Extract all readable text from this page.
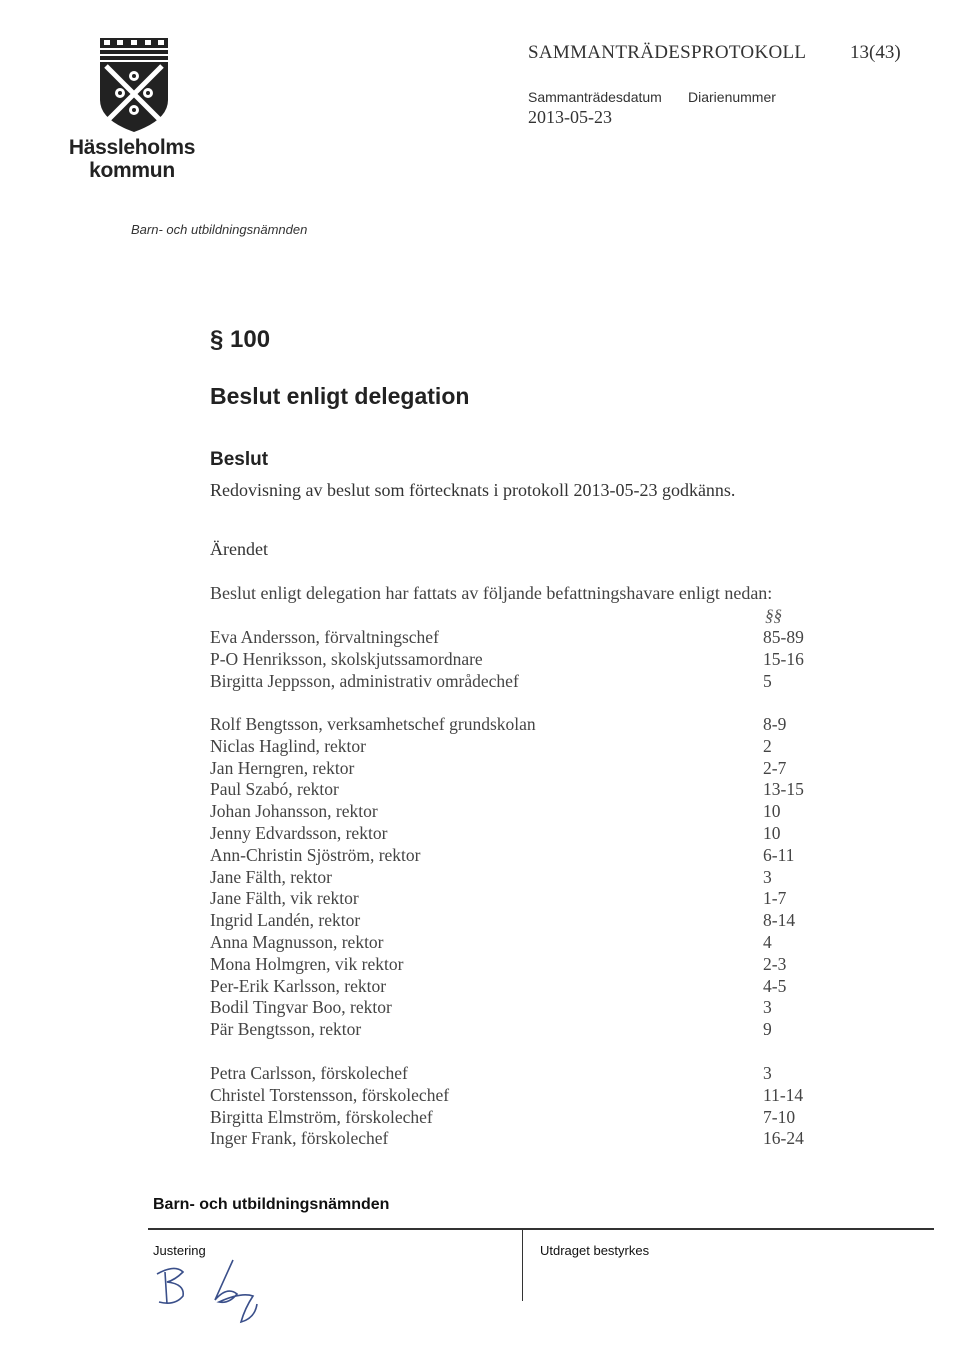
Hässleholms
kommun
SAMMANTRÄDESPROTOKOLL 13(43)
Sammanträdesdatum Diarienummer
2013-05-23
Barn- och utbildningsnämnden
§ 100
Beslut enligt delegation
Beslut
Redovisning av beslut som förtecknats i protokoll 2013-05-23 godkänns.
Ärendet
Beslut enligt delegation har fattats av följande befattningshavare enligt nedan:
§§
Eva Andersson, förvaltningschef	85-89
P-O Henriksson, skolskjutssamordnare	15-16
Birgitta Jeppsson, administrativ områdechef	5
Rolf Bengtsson, verksamhetschef grundskolan	8-9
Niclas Haglind, rektor	2
Jan Herngren, rektor	2-7
Paul Szabó, rektor	13-15
Johan Johansson, rektor	10
Jenny Edvardsson, rektor	10
Ann-Christin Sjöström, rektor	6-11
Jane Fälth, rektor	3
Jane Fälth, vik rektor	1-7
Ingrid Landén, rektor	8-14
Anna Magnusson, rektor	4
Mona Holmgren, vik rektor	2-3
Per-Erik Karlsson, rektor	4-5
Bodil Tingvar Boo, rektor	3
Pär Bengtsson, rektor	9
Petra Carlsson, förskolechef	3
Christel Torstensson, förskolechef	11-14
Birgitta Elmström, förskolechef	7-10
Inger Frank, förskolechef	16-24
Barn- och utbildningsnämnden
Justering	Utdraget bestyrkes
